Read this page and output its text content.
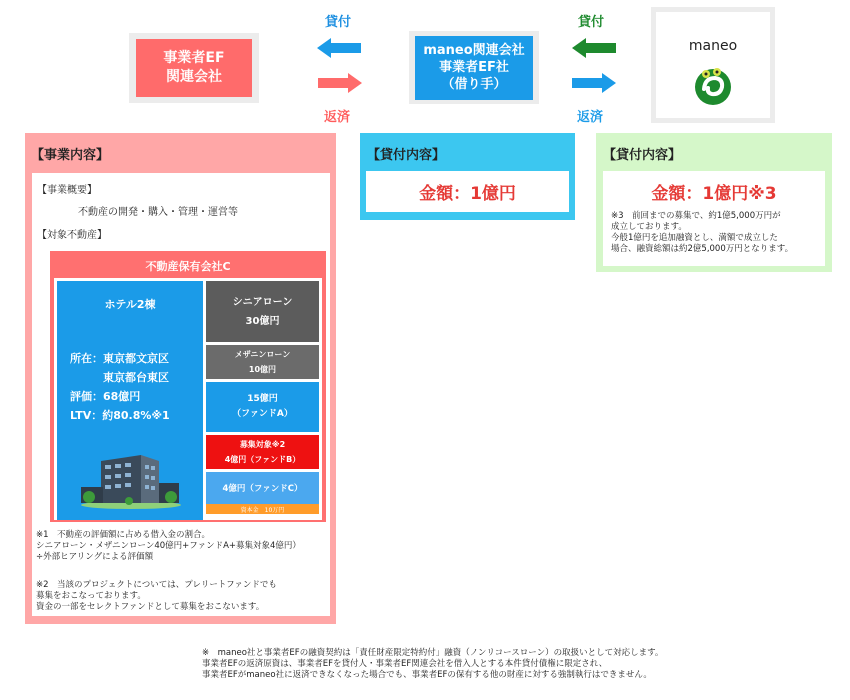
事業者EF
関連会社
maneo関連会社
事業者EF社
（借り手）
maneo
貸付
返済
貸付
返済
【事業内容】
【事業概要】
不動産の開発・購入・管理・運営等
【対象不動産】
不動産保有会社C
ホテル2棟
所在：東京都文京区
　　　東京都台東区
評価：68億円
LTV：約80.8%※1
シニアローン
30億円
メザニンローン
10億円
15億円
（ファンドA）
募集対象※2
4億円（ファンドB）
4億円（ファンドC）
資本金　10万円
※1　不動産の評価額に占める借入金の割合。
シニアローン・メザニンローン40億円+ファンドA+募集対象4億円）
÷外部ヒアリングによる評価額
※2　当該のプロジェクトについては、プレリートファンドでも
募集をおこなっております。
資金の一部をセレクトファンドとして募集をおこないます。
【貸付内容】
金額：1億円
【貸付内容】
金額：1億円※3
※3　前回までの募集で、約1億5,000万円が
成立しております。
今般1億円を追加融資とし、満額で成立した
場合、融資総額は約2億5,000万円となります。
※　maneo社と事業者EFの融資契約は「責任財産限定特約付」融資（ノンリコースローン）の取扱いとして対応します。
事業者EFの返済原資は、事業者EFを貸付人・事業者EF関連会社を借入人とする本件貸付債権に限定され、
事業者EFがmaneo社に返済できなくなった場合でも、事業者EFの保有する他の財産に対する強制執行はできません。
